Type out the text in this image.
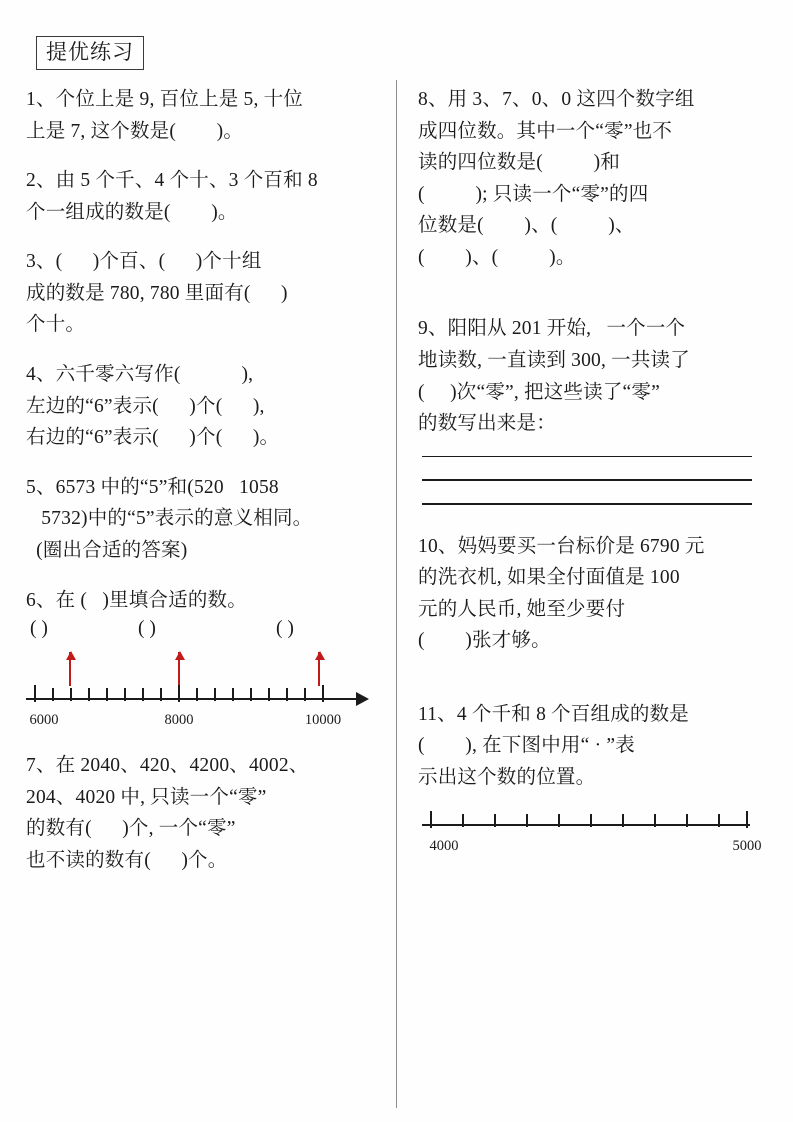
提优练习

1、个位上是 9, 百位上是 5, 十位
上是 7, 这个数是(        )。

2、由 5 个千、4 个十、3 个百和 8
个一组成的数是(        )。

3、(      )个百、(      )个十组
成的数是 780, 780 里面有(      )
个十。

4、六千零六写作(            ),
左边的“6”表示(      )个(      ),
右边的“6”表示(      )个(      )。

5、6573 中的“5”和(520   1058
5732)中的“5”表示的意义相同。
(圈出合适的答案)

6、在 (   )里填合适的数。

( )	( )	( )
6000	8000	10000

7、在 2040、420、4200、4002、
204、4020 中, 只读一个“零”
的数有(      )个, 一个“零”
也不读的数有(      )个。

8、用 3、7、0、0 这四个数字组
成四位数。其中一个“零”也不
读的四位数是(          )和
(          ); 只读一个“零”的四
位数是(        )、(          )、
(        )、(          )。

9、阳阳从 201 开始,   一个一个
地读数, 一直读到 300, 一共读了
(     )次“零”, 把这些读了“零”
的数写出来是：

10、妈妈要买一台标价是 6790 元
的洗衣机, 如果全付面值是 100
元的人民币, 她至少要付
(        )张才够。

11、4 个千和 8 个百组成的数是
(        ), 在下图中用“ · ”表
示出这个数的位置。

4000	5000
